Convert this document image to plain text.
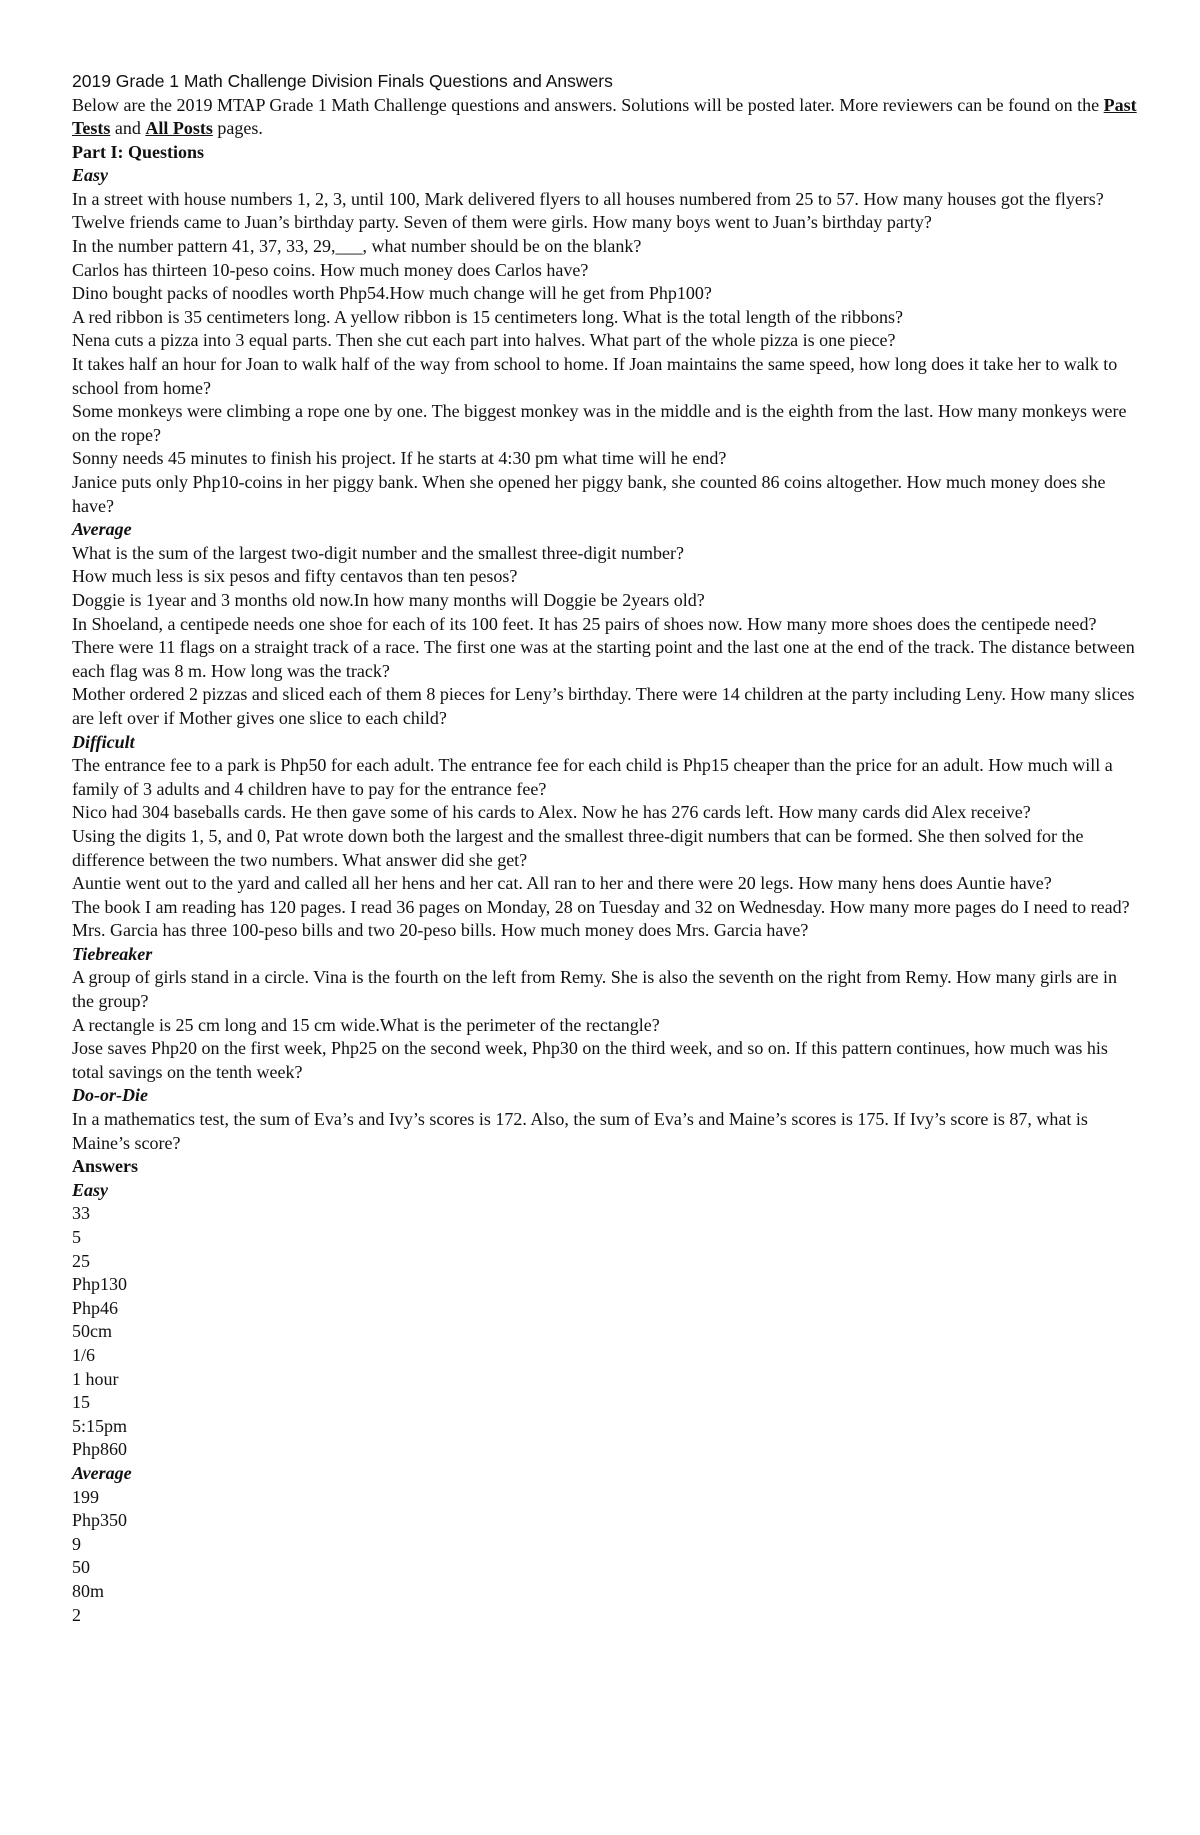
2019 Grade 1 Math Challenge Division Finals Questions and Answers
Below are the 2019 MTAP Grade 1 Math Challenge questions and answers. Solutions will be posted later. More reviewers can be found on the Past Tests and All Posts pages.
Part I: Questions
Easy
In a street with house numbers 1, 2, 3, until 100, Mark delivered flyers to all houses numbered from 25 to 57. How many houses got the flyers?
Twelve friends came to Juan’s birthday party. Seven of them were girls. How many boys went to Juan’s birthday party?
In the number pattern 41, 37, 33, 29,___, what number should be on the blank?
Carlos has thirteen 10-peso coins. How much money does Carlos have?
Dino bought packs of noodles worth Php54.How much change will he get from Php100?
A red ribbon is 35 centimeters long. A yellow ribbon is 15 centimeters long. What is the total length of the ribbons?
Nena cuts a pizza into 3 equal parts. Then she cut each part into halves. What part of the whole pizza is one piece?
It takes half an hour for Joan to walk half of the way from school to home. If Joan maintains the same speed, how long does it take her to walk to school from home?
Some monkeys were climbing a rope one by one. The biggest monkey was in the middle and is the eighth from the last. How many monkeys were on the rope?
Sonny needs 45 minutes to finish his project. If he starts at 4:30 pm what time will he end?
Janice puts only Php10-coins in her piggy bank. When she opened her piggy bank, she counted 86 coins altogether. How much money does she have?
Average
What is the sum of the largest two-digit number and the smallest three-digit number?
How much less is six pesos and fifty centavos than ten pesos?
Doggie is 1year and 3 months old now.In how many months will Doggie be 2years old?
In Shoeland, a centipede needs one shoe for each of its 100 feet. It has 25 pairs of shoes now. How many more shoes does the centipede need?
There were 11 flags on a straight track of a race. The first one was at the starting point and the last one at the end of the track. The distance between each flag was 8 m. How long was the track?
Mother ordered 2 pizzas and sliced each of them 8 pieces for Leny’s birthday. There were 14 children at the party including Leny. How many slices are left over if Mother gives one slice to each child?
Difficult
The entrance fee to a park is Php50 for each adult. The entrance fee for each child is Php15 cheaper than the price for an adult. How much will a family of 3 adults and 4 children have to pay for the entrance fee?
Nico had 304 baseballs cards. He then gave some of his cards to Alex. Now he has 276 cards left. How many cards did Alex receive?
Using the digits 1, 5, and 0, Pat wrote down both the largest and the smallest three-digit numbers that can be formed. She then solved for the difference between the two numbers. What answer did she get?
Auntie went out to the yard and called all her hens and her cat. All ran to her and there were 20 legs. How many hens does Auntie have?
The book I am reading has 120 pages. I read 36 pages on Monday, 28 on Tuesday and 32 on Wednesday. How many more pages do I need to read?
Mrs. Garcia has three 100-peso bills and two 20-peso bills. How much money does Mrs. Garcia have?
Tiebreaker
A group of girls stand in a circle. Vina is the fourth on the left from Remy. She is also the seventh on the right from Remy. How many girls are in the group?
A rectangle is 25 cm long and 15 cm wide.What is the perimeter of the rectangle?
Jose saves Php20 on the first week, Php25 on the second week, Php30 on the third week, and so on. If this pattern continues, how much was his total savings on the tenth week?
Do-or-Die
In a mathematics test, the sum of Eva’s and Ivy’s scores is 172. Also, the sum of Eva’s and Maine’s scores is 175. If Ivy’s score is 87, what is Maine’s score?
Answers
Easy
33
5
25
Php130
Php46
50cm
1/6
1 hour
15
5:15pm
Php860
Average
199
Php350
9
50
80m
2
